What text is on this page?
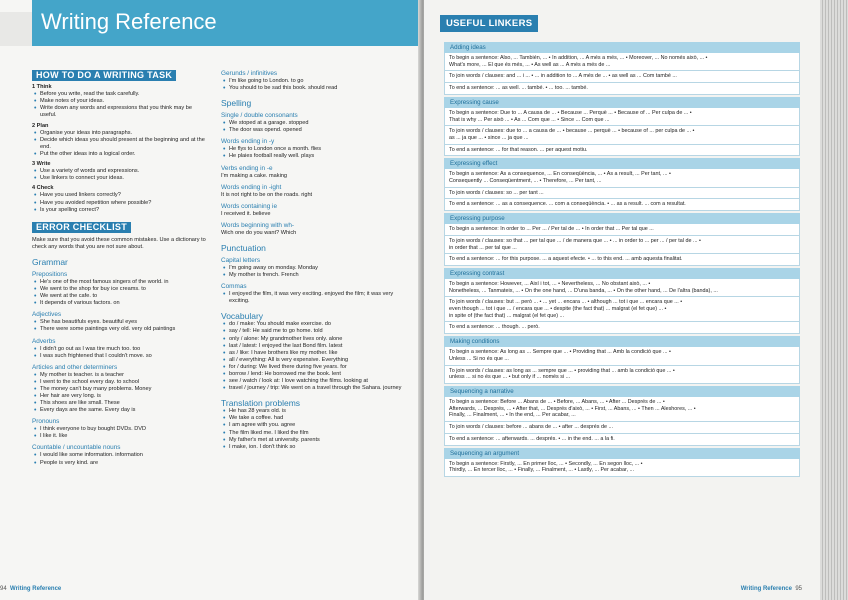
Writing Reference
HOW TO DO A WRITING TASK
1 Think
• Before you write, read the task carefully.
• Make notes of your ideas.
• Write down any words and expressions that you think may be useful.
2 Plan
• Organise your ideas into paragraphs.
• Decide which ideas you should present at the beginning and at the end.
• Put the other ideas into a logical order.
3 Write
• Use a variety of words and expressions.
• Use linkers to connect your ideas.
4 Check
• Have you used linkers correctly?
• Have you avoided repetition where possible?
• Is your spelling correct?
ERROR CHECKLIST
Make sure that you avoid these common mistakes. Use a dictionary to check any words that you are not sure about.
Grammar
Prepositions
• He's one of the most famous singers of the world. in
• We went to the shop for buy ice creams. to
• We went at the cafe. to
• It depends of various factors. on
Adjectives
• She has beautifuls eyes. beautiful eyes
• There were some paintings very old. very old paintings
Adverbs
• I didn't go out as I was tire much too. too
• I was such frightened that I couldn't move. so
Articles and other determiners
• My mother is teacher. is a teacher
• I went to the school every day. to school
• The money can't buy many problems. Money
• Her hair are very long. is
• This shoes are like small. These
• Every days are the same. Every day is
Pronouns
• I think everyone to buy bought DVDs. DVD
• I like it. like
Countable / uncountable nouns
• I would like some information. information
• People is very kind. are
Gerunds / infinitives
• I'm like going to London. to go
• You should to be sad this book. should read
Spelling
Single / double consonants
• We stoped at a garage. stopped
• The door was opend. opened
Words ending in -y
• He flys to London once a month. flies
• He plaies football really well. plays
Verbs ending in -e
I'm making a cake. making
Words ending in -ight
It is not right to be on the roads. right
Words containing ie
I received it. believe
Words beginning with wh-
Wich one do you want? Which
Punctuation
Capital letters
• I'm going away on monday. Monday
• My mother is french. French
Commas
• I enjoyed the film, it was very exciting. enjoyed the film; it was very exciting.
Vocabulary
• do / make: You should make exercise. do
• say / tell: He said me to go home. told
• only / alone: My grandmother lives only. alone
• last / latest: I enjoyed the last Bond film. latest
• as / like: I have brothers like my mother. like
• all / everything: All is very expensive. Everything
• for / during: We lived there during five years. for
• borrow / lend: He borrowed me the book. lent
• see / watch / look at: I love watching the films. looking at
• travel / journey / trip: We went on a travel through the Sahara. journey
Translation problems
• He has 28 years old. is
• We take a coffee. had
• I am agree with you. agree
• The film liked me. I liked the film
• My father's met at university. parents
• I make, ion. I don't think so
94 Writing Reference
USEFUL LINKERS
Adding ideas
To begin a sentence: Also, ... También, ... • In addition, ... A més a més, ... • Moreover, ... No només això, ... •
What's more, ... El que és més, ... • As well as ... A més a més de ...
To join words / clauses: and ... i ... • ... in addition to ... A més de ... • as well as ... Com també ...
To end a sentence: ... as well. ... també. • ... too. ... també.
Expressing cause
To begin a sentence: Due to ... A causa de ... • Because ... Perquè ... • Because of ... Per culpa de ... •
That is why ... Per això ... • As ... Com que ... • Since ... Com que ...
To join words / clauses: due to ... a causa de ... • because ... perquè ... • because of ... per culpa de ... •
as ... ja que ... • since ... ja que ...
To end a sentence: ... for that reason. ... per aquest motiu.
Expressing effect
To begin a sentence: As a consequence, ... En conseqüència, ... • As a result, ... Per tant, ... •
Consequently ... Conseqüentment, ... • Therefore, ... Per tant, ...
To join words / clauses: so ... per tant ...
To end a sentence: ... as a consequence. ... com a conseqüència. • ... as a result. ... com a resultat.
Expressing purpose
To begin a sentence: In order to ... Per ... / Per tal de ... • In order that ... Per tal que ...
To join words / clauses: so that ... per tal que ... / de manera que ... • ... in order to ... per ... / per tal de ... •
in order that ... per tal que ...
To end a sentence: ... for this purpose. ... a aquest efecte. • ... to this end. ... amb aquesta finalitat.
Expressing contrast
To begin a sentence: However, ... Així i tot, ... • Nevertheless, ... No obstant això, ... •
Nonetheless, ... Tanmateix, ... • On the one hand, ... D'una banda, ... • On the other hand, ... De l'altra (banda), ...
To join words / clauses: but ... però ... • ... yet ... encara ... • although ... tot i que ... encara que ... •
even though ... tot i que ... / encara que ... • despite (the fact that) ... malgrat (el fet que) ... •
in spite of (the fact that) ... malgrat (el fet que) ...
To end a sentence: ... though. ... però.
Making conditions
To begin a sentence: As long as ... Sempre que ... • Providing that ... Amb la condició que ... •
Unless ... Si no és que ...
To join words / clauses: as long as ... sempre que ... • providing that ... amb la condició que ... •
unless ... si no és que ... • but only if ... només si ...
Sequencing a narrative
To begin a sentence: Before ... Abans de ... • Before, ... Abans, ... • After ... Després de ... •
Afterwards, ... Després, ... • After that, ... Després d'això, ... • First, ... Abans, ... • Then ... Aleshores, ... •
Finally, ... Finalment, ... • In the end, ... Per acabar, ...
To join words / clauses: before ... abans de ... • after ... després de ...
To end a sentence: ... afterwards. ... després. • ... in the end. ... a la fi.
Sequencing an argument
To begin a sentence: Firstly, ... En primer lloc, ... • Secondly, ... En segon lloc, ... •
Thirdly, ... En tercer lloc, ... • Finally, ... Finalment, ... • Lastly, ... Per acabar, ...
Writing Reference 95
